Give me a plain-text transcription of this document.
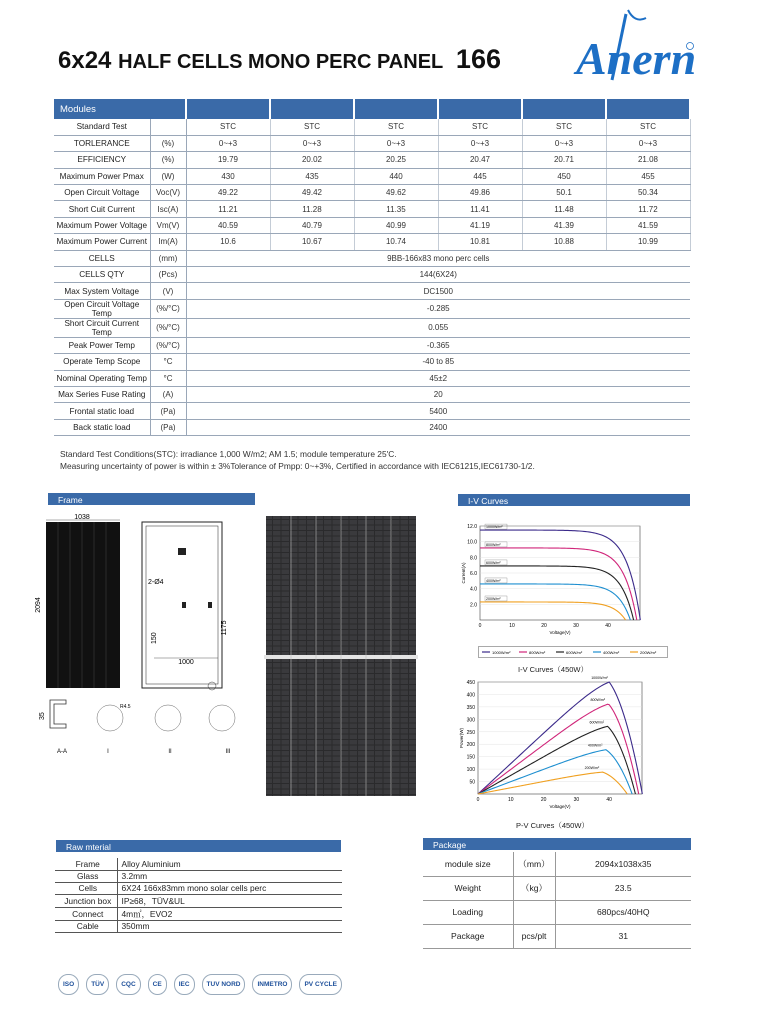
6x24 HALF CELLS MONO PERC PANEL 166 Anern
Modules							
Standard Test		STC	STC	STC	STC	STC	STC
TORLERANCE	(%)	0~+3	0~+3	0~+3	0~+3	0~+3	0~+3
EFFICIENCY	(%)	19.79	20.02	20.25	20.47	20.71	21.08
Maximum Power Pmax	(W)	430	435	440	445	450	455
Open Circuit Voltage	Voc(V)	49.22	49.42	49.62	49.86	50.1	50.34
Short Cuit Current	Isc(A)	11.21	11.28	11.35	11.41	11.48	11.72
Maximum Power Voltage	Vm(V)	40.59	40.79	40.99	41.19	41.39	41.59
Maximum Power Current	Im(A)	10.6	10.67	10.74	10.81	10.88	10.99
CELLS	(mm)	9BB-166x83 mono perc cells					
CELLS QTY	(Pcs)	144(6X24)					
Max System Voltage	(V)	DC1500					
Open Circuit Voltage Temp	(%/°C)	-0.285					
Short Circuit Current Temp	(%/°C)	0.055					
Peak Power Temp	(%/°C)	-0.365					
Operate Temp Scope	°C	-40 to 85					
Nominal Operating Temp	°C	45±2					
Max Series Fuse Rating	(A)	20					
Frontal static load	(Pa)	5400					
Back static load	(Pa)	2400					
Standard Test Conditions(STC): irradiance 1,000 W/m2; AM 1.5; module temperature 25'C.
Measuring uncertainty of power is within ± 3%Tolerance of Pmpp: 0~+3%, Certified in accordance with IEC61215,IEC61730-1/2.
Frame
1038
2094
2-Ø4
150
1175
1000
35
R4.5
A-A	I	II	III
I-V Curves
2.0
4.0
6.0
8.0
10.0
12.0
0	10	20	30	40
Voltage(V)
Current(A)
1000W/m²
800W/m²
600W/m²
400W/m²
200W/m²
1000W/m²	800W/m²	600W/m²	400W/m²	200W/m²
I-V Curves（450W）
50
100
150
200
250
300
350
400
450
0	10	20	30	40
Voltage(V)
Power(W)
1000W/m²
800W/m²
600W/m²
400W/m²
200W/m²
P-V Curves（450W）
Raw mterial
Frame	Alloy Aluminium
Glass	3.2mm
Cells	6X24 166x83mm mono solar cells perc
Junction box	IP≥68，TÜV&UL
Connect	4m㎡，EVO2
Cable	350mm
Package
module size	（mm）	2094x1038x35
Weight	（kg）	23.5
Loading		680pcs/40HQ
Package	pcs/plt	31
ISO	TÜV	CQC	CE	IEC	TUV NORD	INMETRO	PV CYCLE
